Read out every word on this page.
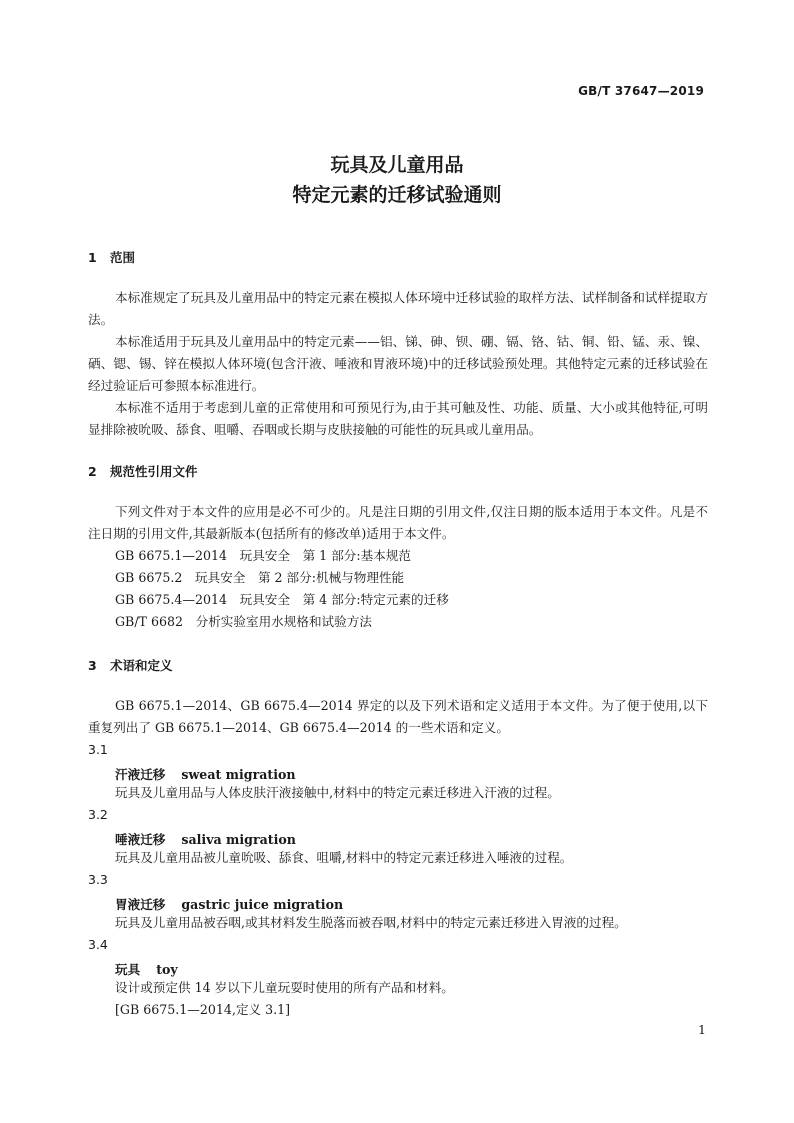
GB/T 37647—2019
玩具及儿童用品
特定元素的迁移试验通则
1 范围
本标准规定了玩具及儿童用品中的特定元素在模拟人体环境中迁移试验的取样方法、试样制备和试样提取方法。
本标准适用于玩具及儿童用品中的特定元素——铝、锑、砷、钡、硼、镉、铬、钴、铜、铅、锰、汞、镍、硒、锶、锡、锌在模拟人体环境(包含汗液、唾液和胃液环境)中的迁移试验预处理。其他特定元素的迁移试验在经过验证后可参照本标准进行。
本标准不适用于考虑到儿童的正常使用和可预见行为,由于其可触及性、功能、质量、大小或其他特征,可明显排除被吮吸、舔食、咀嚼、吞咽或长期与皮肤接触的可能性的玩具或儿童用品。
2 规范性引用文件
下列文件对于本文件的应用是必不可少的。凡是注日期的引用文件,仅注日期的版本适用于本文件。凡是不注日期的引用文件,其最新版本(包括所有的修改单)适用于本文件。
GB 6675.1—2014　玩具安全　第 1 部分:基本规范
GB 6675.2　玩具安全　第 2 部分:机械与物理性能
GB 6675.4—2014　玩具安全　第 4 部分:特定元素的迁移
GB/T 6682　分析实验室用水规格和试验方法
3 术语和定义
GB 6675.1—2014、GB 6675.4—2014 界定的以及下列术语和定义适用于本文件。为了便于使用,以下重复列出了 GB 6675.1—2014、GB 6675.4—2014 的一些术语和定义。
3.1
汗液迁移 sweat migration
玩具及儿童用品与人体皮肤汗液接触中,材料中的特定元素迁移进入汗液的过程。
3.2
唾液迁移 saliva migration
玩具及儿童用品被儿童吮吸、舔食、咀嚼,材料中的特定元素迁移进入唾液的过程。
3.3
胃液迁移 gastric juice migration
玩具及儿童用品被吞咽,或其材料发生脱落而被吞咽,材料中的特定元素迁移进入胃液的过程。
3.4
玩具 toy
设计或预定供 14 岁以下儿童玩耍时使用的所有产品和材料。
[GB 6675.1—2014,定义 3.1]
1
